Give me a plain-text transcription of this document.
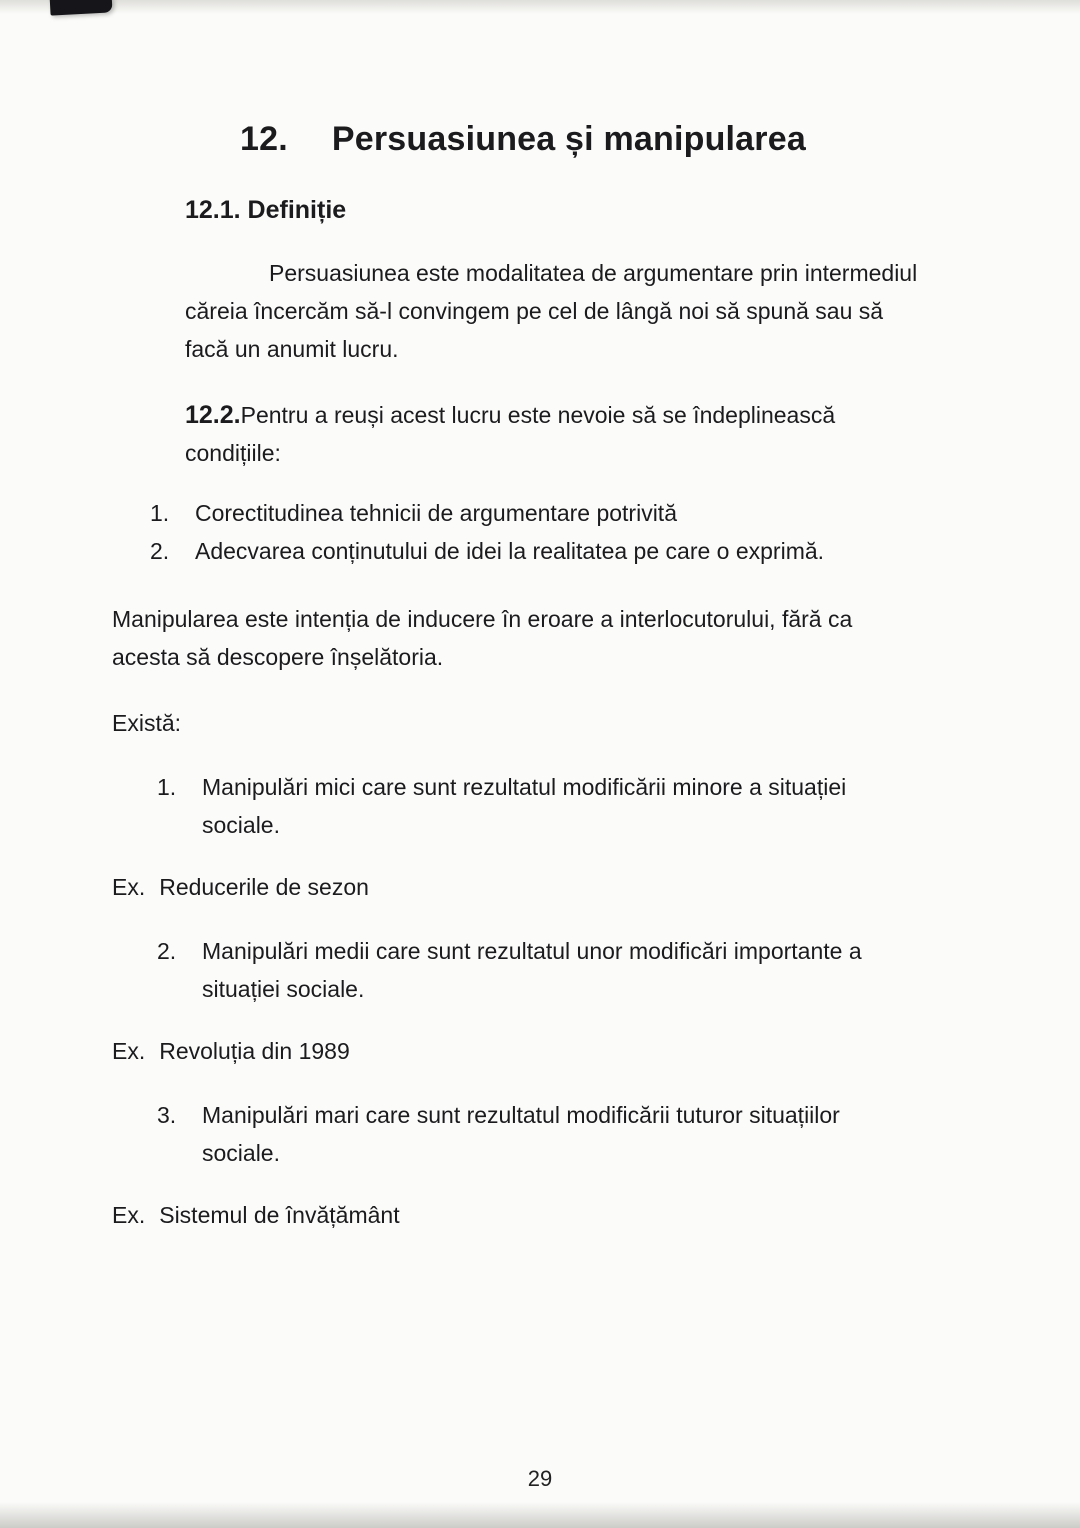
12. Persuasiunea și manipularea
12.1. Definiție

Persuasiunea este modalitatea de argumentare prin intermediul căreia încercăm să-l convingem pe cel de lângă noi să spună sau să facă un anumit lucru.

12.2.Pentru a reuși acest lucru este nevoie să se îndeplinească condițiile:

1.	Corectitudinea tehnicii de argumentare potrivită
2.	Adecvarea conținutului de idei la realitatea pe care o exprimă.

Manipularea este intenția de inducere în eroare a interlocutorului, fără ca acesta să descopere înșelătoria.

Există:

1.	Manipulări mici care sunt rezultatul modificării minore a situației sociale.

Ex. Reducerile de sezon

2.	Manipulări medii care sunt rezultatul unor modificări importante a situației sociale.

Ex. Revoluția din 1989

3.	Manipulări mari care sunt rezultatul modificării tuturor situațiilor sociale.

Ex. Sistemul de învățământ

29
